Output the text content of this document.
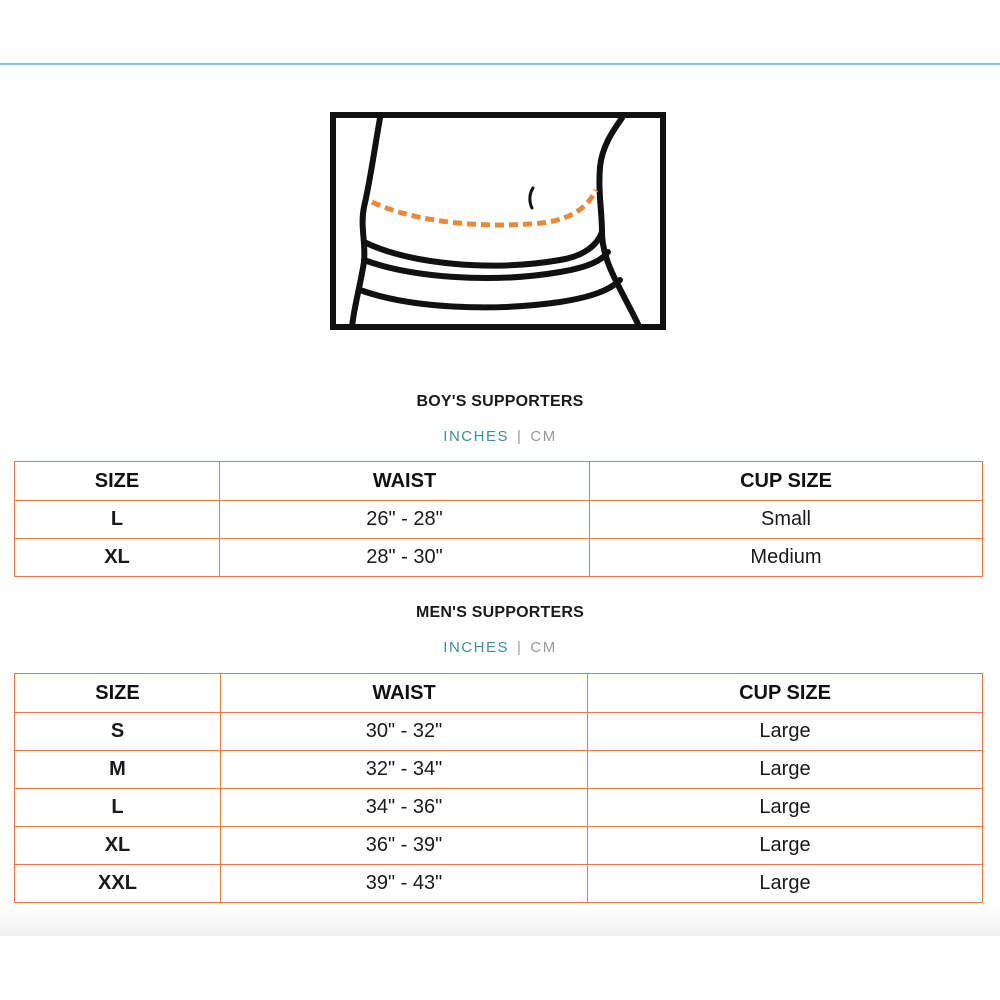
BOY'S SUPPORTERS
INCHES | CM
SIZE	WAIST	CUP SIZE
L	26" - 28"	Small
XL	28" - 30"	Medium
MEN'S SUPPORTERS
INCHES | CM
SIZE	WAIST	CUP SIZE
S	30" - 32"	Large
M	32" - 34"	Large
L	34" - 36"	Large
XL	36" - 39"	Large
XXL	39" - 43"	Large
